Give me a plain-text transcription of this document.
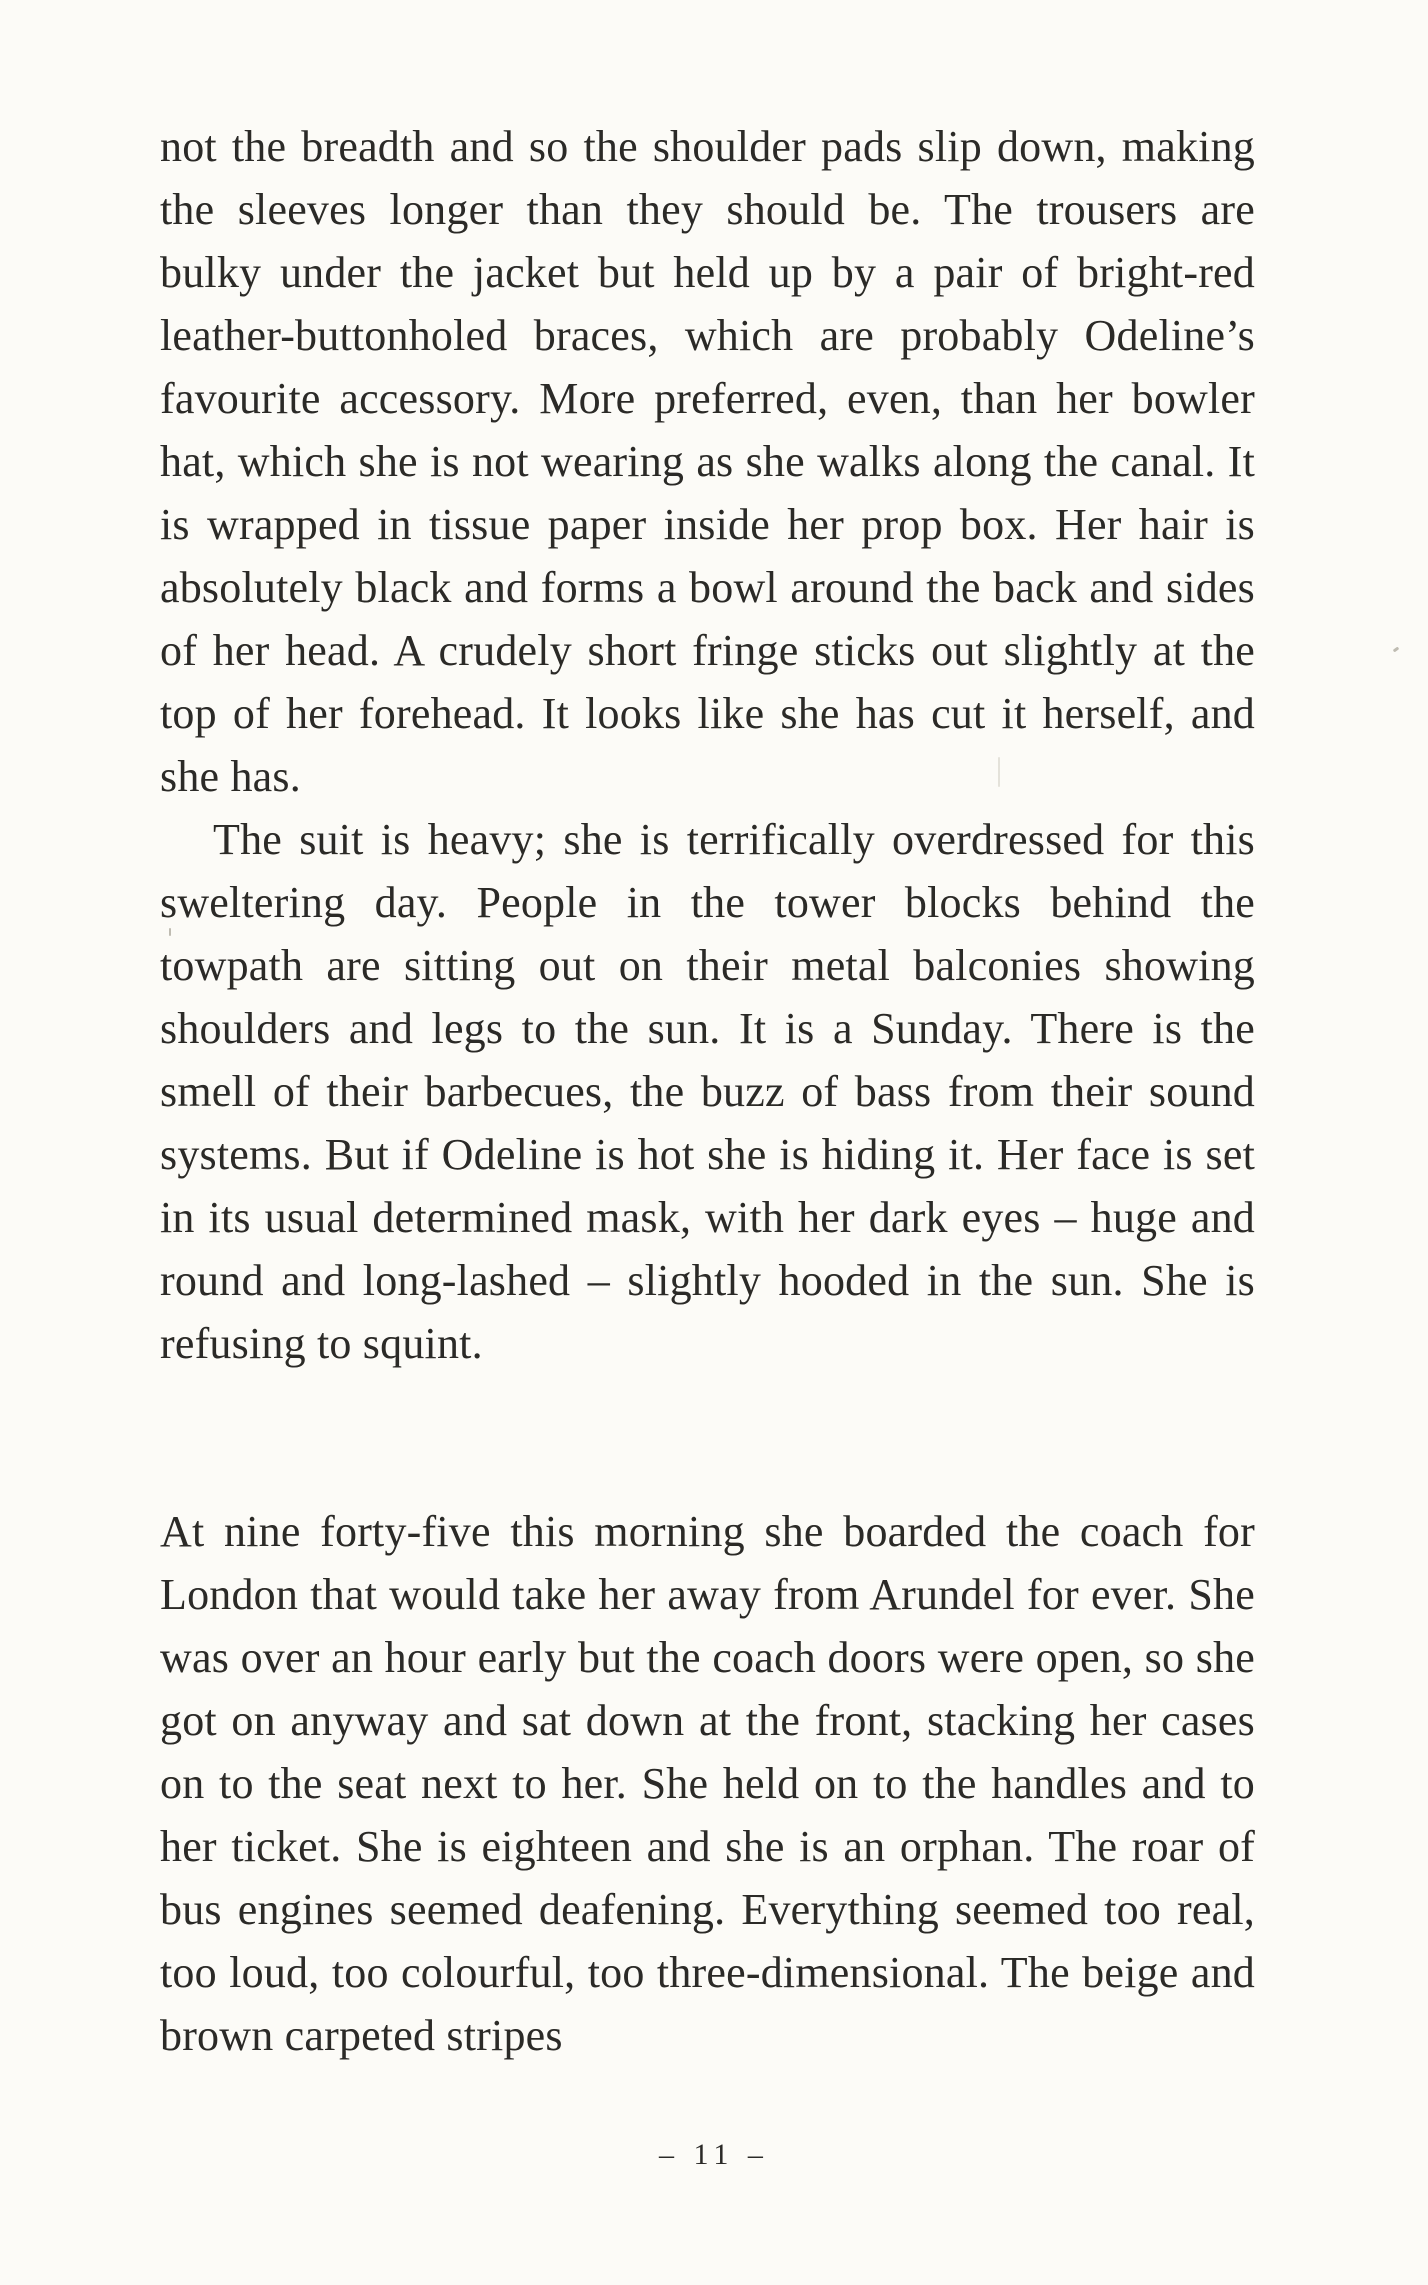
not the breadth and so the shoulder pads slip down, making the sleeves longer than they should be. The trousers are bulky under the jacket but held up by a pair of bright-red leather-buttonholed braces, which are probably Odeline’s favourite accessory. More preferred, even, than her bowler hat, which she is not wearing as she walks along the canal. It is wrapped in tissue paper inside her prop box. Her hair is absolutely black and forms a bowl around the back and sides of her head. A crudely short fringe sticks out slightly at the top of her forehead. It looks like she has cut it herself, and she has.

The suit is heavy; she is terrifically overdressed for this sweltering day. People in the tower blocks behind the towpath are sitting out on their metal balconies showing shoulders and legs to the sun. It is a Sunday. There is the smell of their barbecues, the buzz of bass from their sound systems. But if Odeline is hot she is hiding it. Her face is set in its usual determined mask, with her dark eyes – huge and round and long-lashed – slightly hooded in the sun. She is refusing to squint.

At nine forty-five this morning she boarded the coach for London that would take her away from Arundel for ever. She was over an hour early but the coach doors were open, so she got on anyway and sat down at the front, stacking her cases on to the seat next to her. She held on to the handles and to her ticket. She is eighteen and she is an orphan. The roar of bus engines seemed deafening. Everything seemed too real, too loud, too colourful, too three-dimensional. The beige and brown carpeted stripes

– 11 –
